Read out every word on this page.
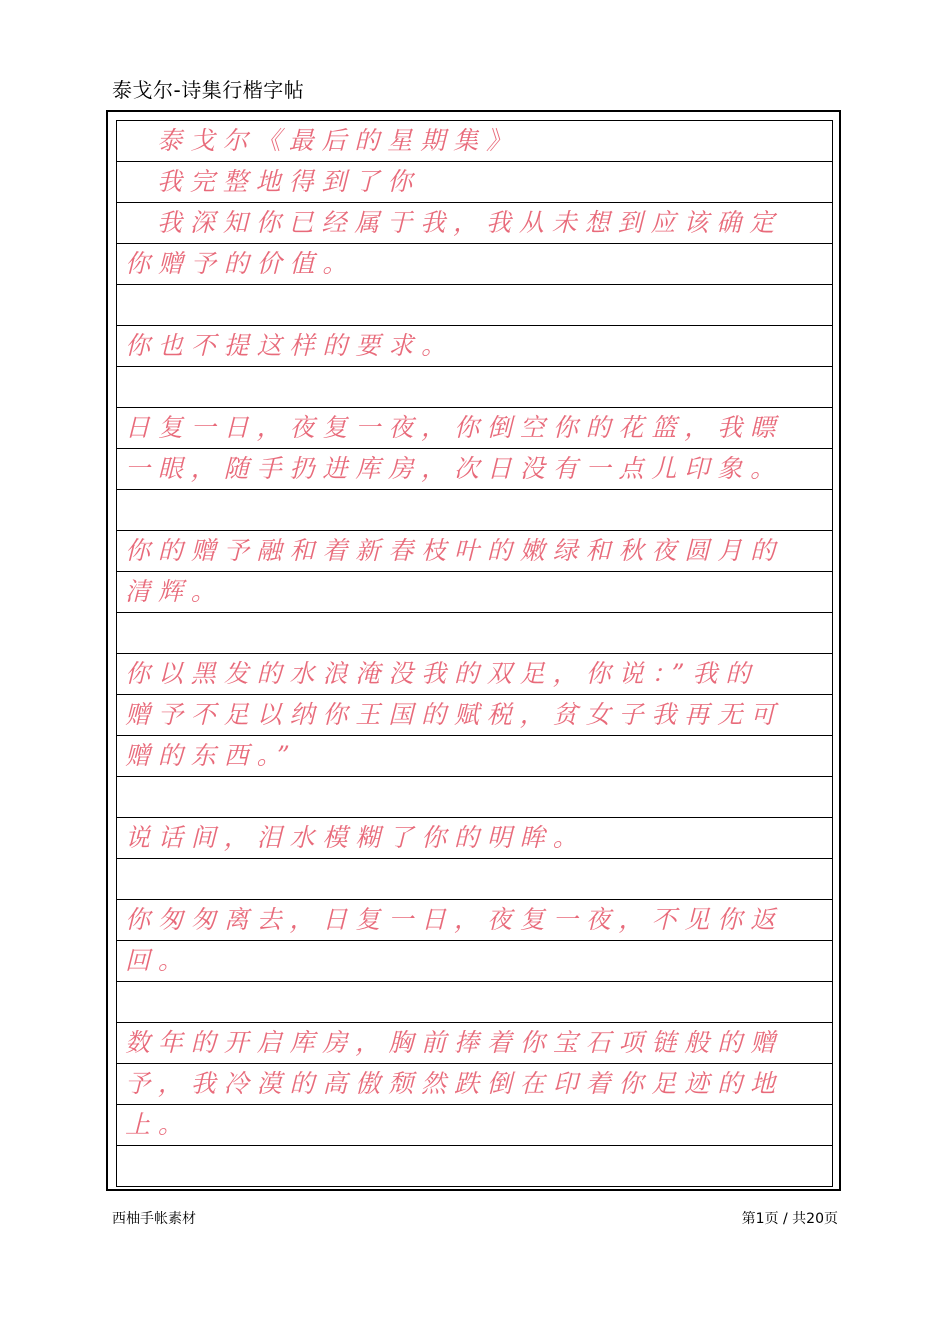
泰戈尔-诗集行楷字帖
泰戈尔《最后的星期集》
我完整地得到了你
我深知你已经属于我，我从未想到应该确定
你赠予的价值。
你也不提这样的要求。
日复一日，夜复一夜，你倒空你的花篮，我瞟
一眼，随手扔进库房，次日没有一点儿印象。
你的赠予融和着新春枝叶的嫩绿和秋夜圆月的
清辉。
你以黑发的水浪淹没我的双足，你说：”我的
赠予不足以纳你王国的赋税，贫女子我再无可
赠的东西。”
说话间，泪水模糊了你的明眸。
你匆匆离去，日复一日，夜复一夜，不见你返
回。
数年的开启库房，胸前捧着你宝石项链般的赠
予，我冷漠的高傲颓然跌倒在印着你足迹的地
上。
西柚手帐素材	第1页 / 共20页
